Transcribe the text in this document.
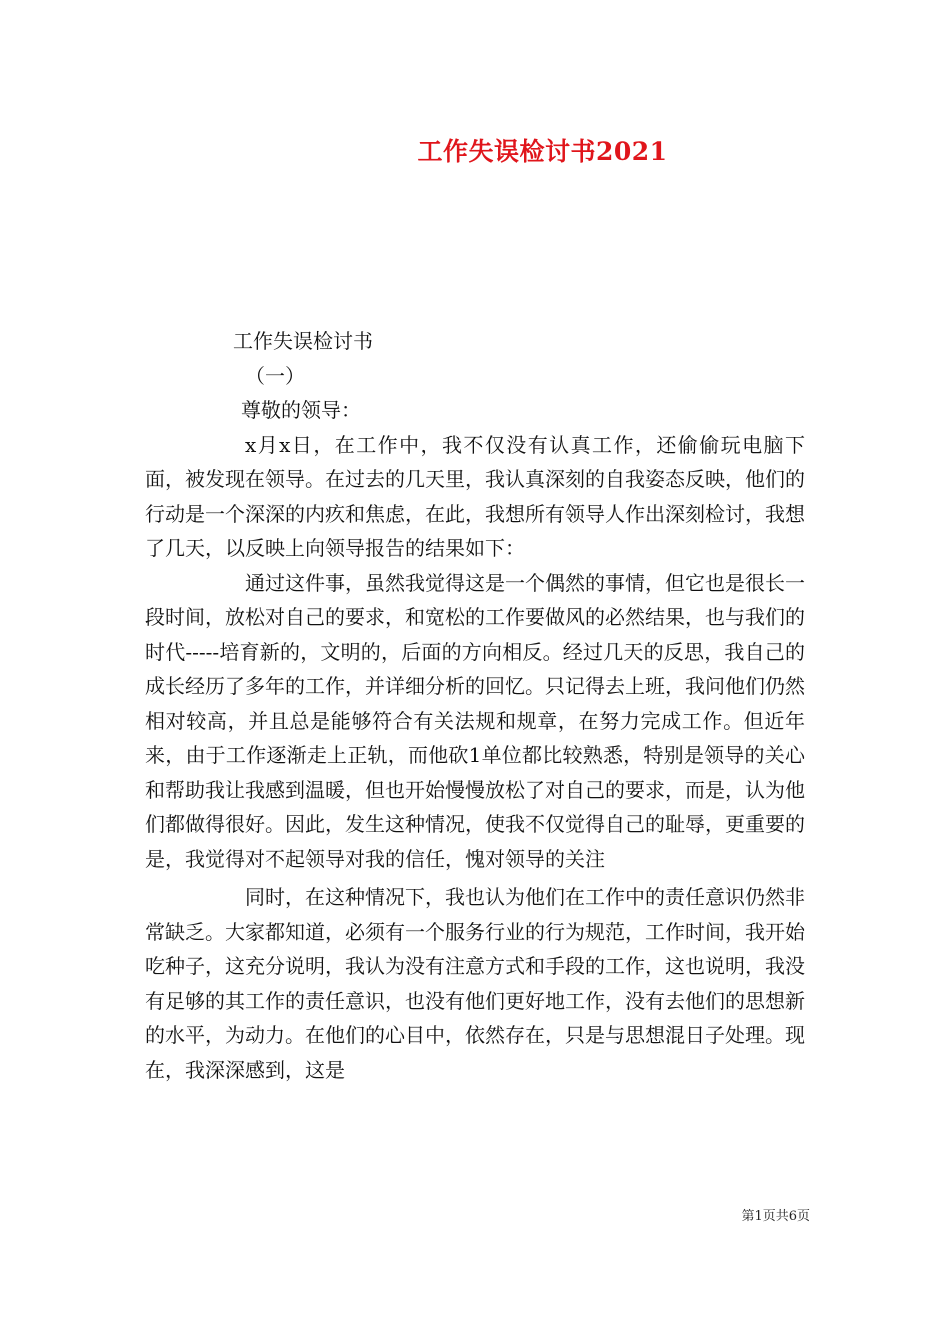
工作失误检讨书2021

工作失误检讨书

（一）

尊敬的领导：

x月x日，在工作中，我不仅没有认真工作，还偷偷玩电脑下面，被发现在领导。在过去的几天里，我认真深刻的自我姿态反映，他们的行动是一个深深的内疚和焦虑，在此，我想所有领导人作出深刻检讨，我想了几天，以反映上向领导报告的结果如下：

通过这件事，虽然我觉得这是一个偶然的事情，但它也是很长一段时间，放松对自己的要求，和宽松的工作要做风的必然结果，也与我们的时代-----培育新的，文明的，后面的方向相反。经过几天的反思，我自己的成长经历了多年的工作，并详细分析的回忆。只记得去上班，我问他们仍然相对较高，并且总是能够符合有关法规和规章，在努力完成工作。但近年来，由于工作逐渐走上正轨，而他砍1单位都比较熟悉，特别是领导的关心和帮助我让我感到温暖，但也开始慢慢放松了对自己的要求，而是，认为他们都做得很好。因此，发生这种情况，使我不仅觉得自己的耻辱，更重要的是，我觉得对不起领导对我的信任，愧对领导的关注

同时，在这种情况下，我也认为他们在工作中的责任意识仍然非常缺乏。大家都知道，必须有一个服务行业的行为规范，工作时间，我开始吃种子，这充分说明，我认为没有注意方式和手段的工作，这也说明，我没有足够的其工作的责任意识，也没有他们更好地工作，没有去他们的思想新的水平，为动力。在他们的心目中，依然存在，只是与思想混日子处理。现在，我深深感到，这是

第1页共6页
